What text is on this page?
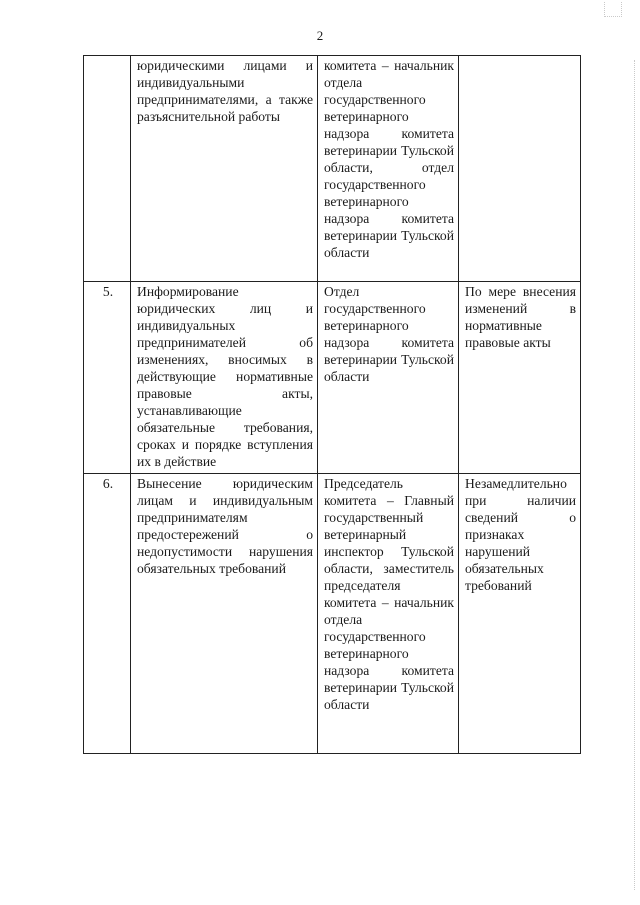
2
	юридическими лицами и индивидуальными предпринимателями, а также разъяснительной работы	комитета – начальник отдела государственного ветеринарного надзора комитета ветеринарии Тульской области, отдел государственного ветеринарного надзора комитета ветеринарии Тульской области	
5.	Информирование юридических лиц и индивидуальных предпринимателей об изменениях, вносимых в действующие нормативные правовые акты, устанавливающие обязательные требования, сроках и порядке вступления их в действие	Отдел государственного ветеринарного надзора комитета ветеринарии Тульской области	По мере внесения изменений в нормативные правовые акты
6.	Вынесение юридическим лицам и индивидуальным предпринимателям предостережений о недопустимости нарушения обязательных требований	Председатель комитета – Главный государственный ветеринарный инспектор Тульской области, заместитель председателя комитета – начальник отдела государственного ветеринарного надзора комитета ветеринарии Тульской области	Незамедлительно при наличии сведений о признаках нарушений обязательных требований
